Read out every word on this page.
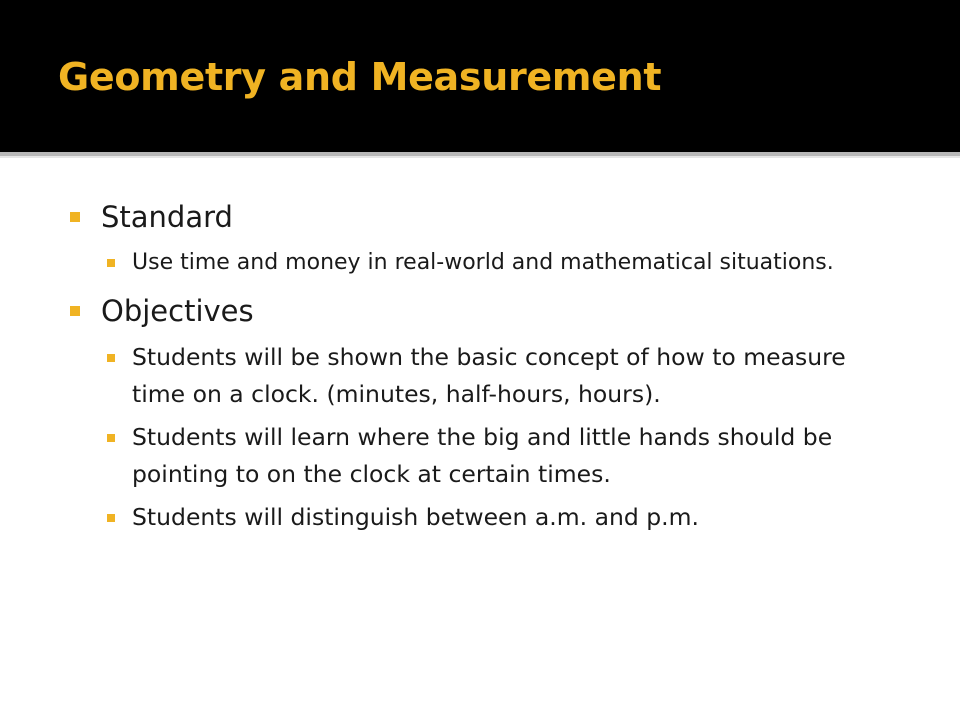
Geometry and Measurement
Standard
Use time and money in real-world and mathematical situations.
Objectives
Students will be shown the basic concept of how to measure time on a clock. (minutes, half-hours, hours).
Students will learn where the big and little hands should be pointing to on the clock at certain times.
Students will distinguish between a.m. and p.m.
